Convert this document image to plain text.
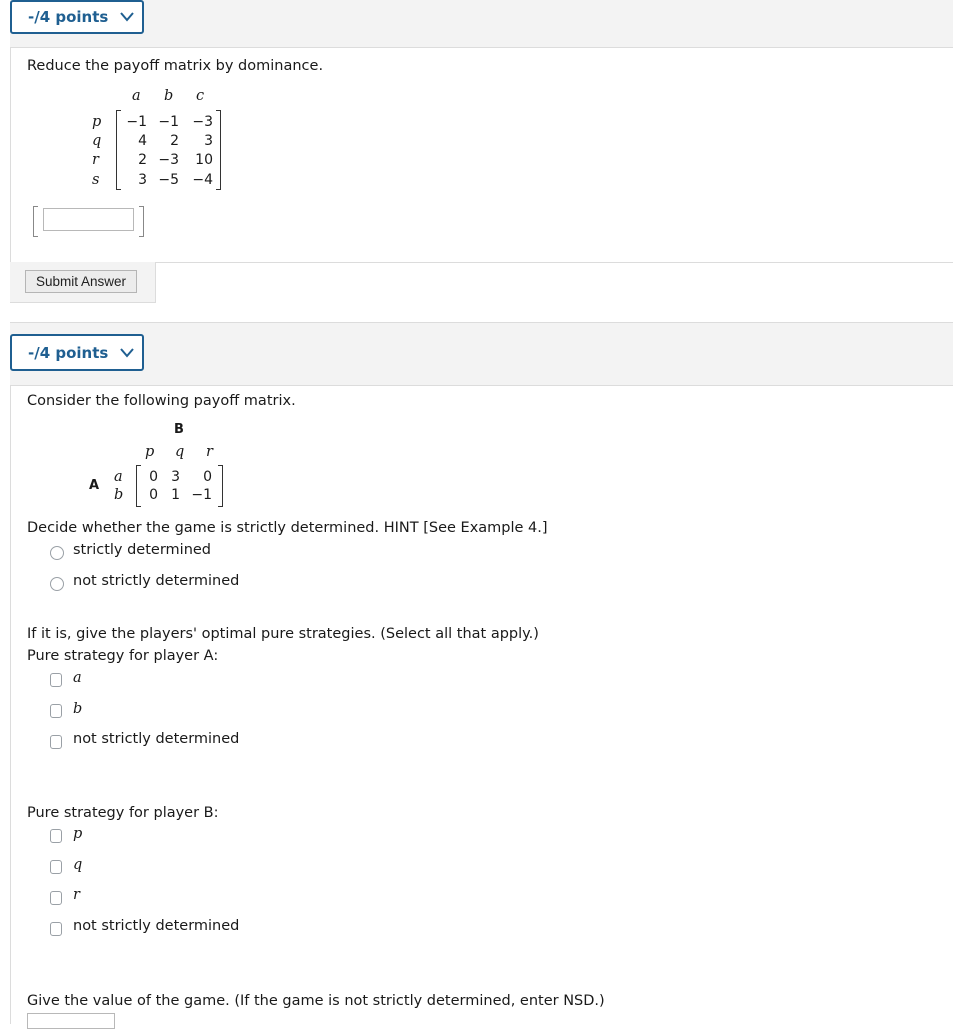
-/4 points
Reduce the payoff matrix by dominance.
a b c
p
q
r
s
−1 −1 −3
4	2	3
2 −3	10
3 −5 −4
Submit Answer
-/4 points
Consider the following payoff matrix.
B
p q r
A
a
b
0 3	0
0 1 −1
Decide whether the game is strictly determined. HINT [See Example 4.]
strictly determined
not strictly determined
If it is, give the players' optimal pure strategies. (Select all that apply.)
Pure strategy for player A:
a
b
not strictly determined
Pure strategy for player B:
p
q
r
not strictly determined
Give the value of the game. (If the game is not strictly determined, enter NSD.)
